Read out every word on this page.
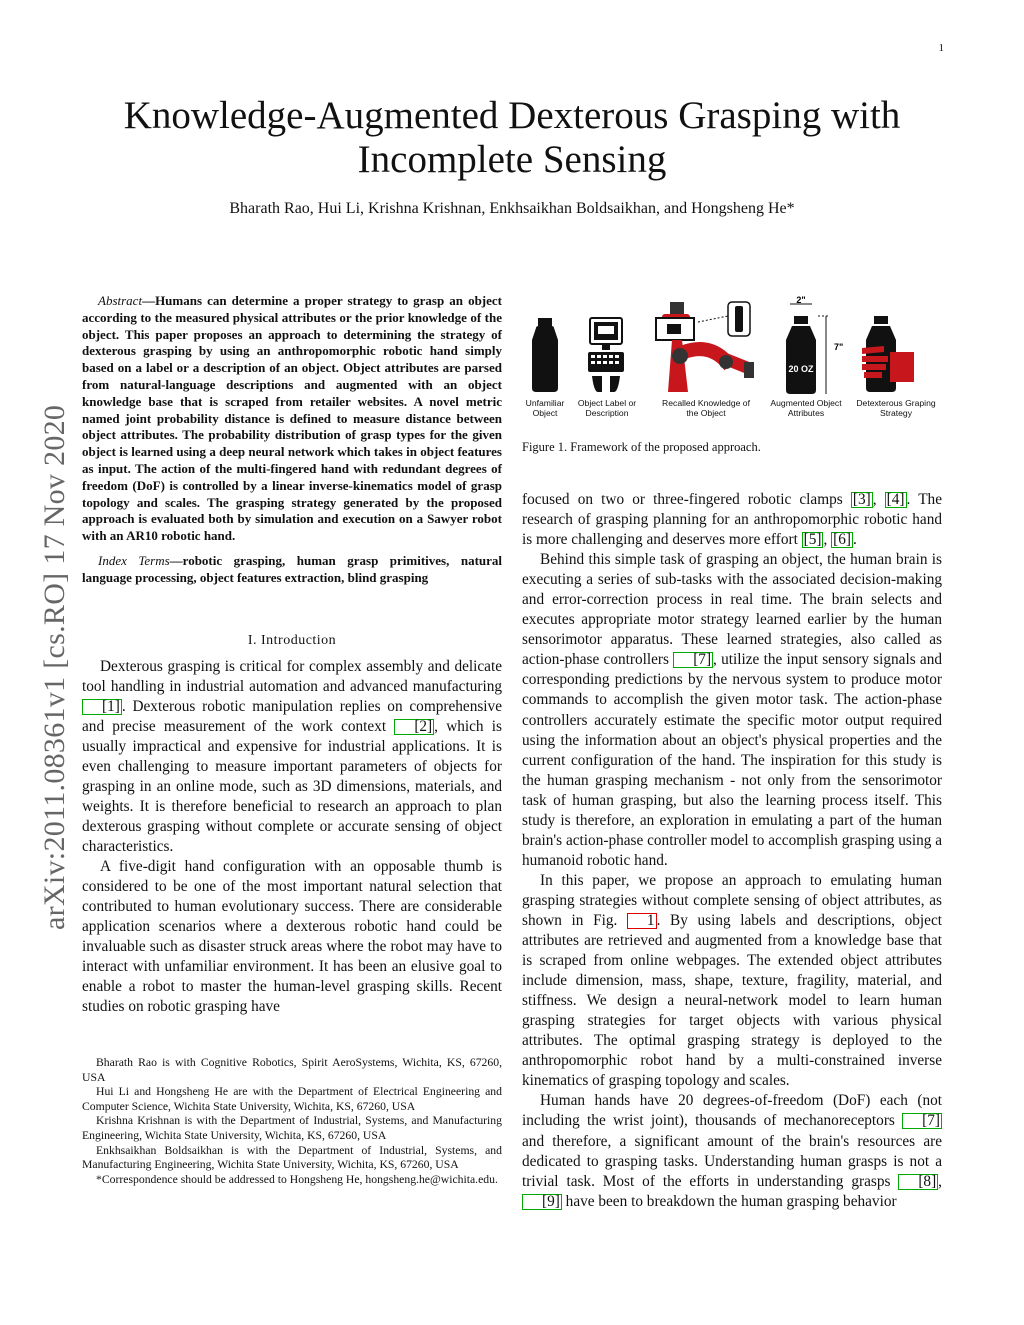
1
Knowledge-Augmented Dexterous Grasping with
Incomplete Sensing
Bharath Rao, Hui Li, Krishna Krishnan, Enkhsaikhan Boldsaikhan, and Hongsheng He*
arXiv:2011.08361v1 [cs.RO] 17 Nov 2020

Abstract—Humans can determine a proper strategy to grasp an object according to the measured physical attributes or the prior knowledge of the object. This paper proposes an approach to determining the strategy of dexterous grasping by using an anthropomorphic robotic hand simply based on a label or a description of an object. Object attributes are parsed from natural-language descriptions and augmented with an object knowledge base that is scraped from retailer websites. A novel metric named joint probability distance is defined to measure distance between object attributes. The probability distribution of grasp types for the given object is learned using a deep neural network which takes in object features as input. The action of the multi-fingered hand with redundant degrees of freedom (DoF) is controlled by a linear inverse-kinematics model of grasp topology and scales. The grasping strategy generated by the proposed approach is evaluated both by simulation and execution on a Sawyer robot with an AR10 robotic hand.

Index Terms—robotic grasping, human grasp primitives, natural language processing, object features extraction, blind grasping
I. Introduction

Dexterous grasping is critical for complex assembly and delicate tool handling in industrial automation and advanced manufacturing [1] . Dexterous robotic manipulation replies on comprehensive and precise measurement of the work context [2] , which is usually impractical and expensive for industrial applications. It is even challenging to measure important parameters of objects for grasping in an online mode, such as 3D dimensions, materials, and weights. It is therefore beneficial to research an approach to plan dexterous grasping without complete or accurate sensing of object characteristics.

A five-digit hand configuration with an opposable thumb is considered to be one of the most important natural selection that contributed to human evolutionary success. There are considerable application scenarios where a dexterous robotic hand could be invaluable such as disaster struck areas where the robot may have to interact with unfamiliar environment. It has been an elusive goal to enable a robot to master the human-level grasping skills. Recent studies on robotic grasping have

Bharath Rao is with Cognitive Robotics, Spirit AeroSystems, Wichita, KS, 67260, USA

Hui Li and Hongsheng He are with the Department of Electrical Engineering and Computer Science, Wichita State University, Wichita, KS, 67260, USA

Krishna Krishnan is with the Department of Industrial, Systems, and Manufacturing Engineering, Wichita State University, Wichita, KS, 67260, USA

Enkhsaikhan Boldsaikhan is with the Department of Industrial, Systems, and Manufacturing Engineering, Wichita State University, Wichita, KS, 67260, USA

*Correspondence should be addressed to Hongsheng He, hongsheng.he@wichita.edu.

20 OZ
2"
7"
Unfamiliar Object
Object Label or Description
Recalled Knowledge of the Object
Augmented Object Attributes
Detexterous Graping Strategy
Figure 1. Framework of the proposed approach.

focused on two or three-fingered robotic clamps [3] , [4] . The research of grasping planning for an anthropomorphic robotic hand is more challenging and deserves more effort [5] , [6] .

Behind this simple task of grasping an object, the human brain is executing a series of sub-tasks with the associated decision-making and error-correction process in real time. The brain selects and executes appropriate motor strategy learned earlier by the human sensorimotor apparatus. These learned strategies, also called as action-phase controllers [7] , utilize the input sensory signals and corresponding predictions by the nervous system to produce motor commands to accomplish the given motor task. The action-phase controllers accurately estimate the specific motor output required using the information about an object's physical properties and the current configuration of the hand. The inspiration for this study is the human grasping mechanism - not only from the sensorimotor task of human grasping, but also the learning process itself. This study is therefore, an exploration in emulating a part of the human brain's action-phase controller model to accomplish grasping using a humanoid robotic hand.

In this paper, we propose an approach to emulating human grasping strategies without complete sensing of object attributes, as shown in Fig. 1 . By using labels and descriptions, object attributes are retrieved and augmented from a knowledge base that is scraped from online webpages. The extended object attributes include dimension, mass, shape, texture, fragility, material, and stiffness. We design a neural-network model to learn human grasping strategies for target objects with various physical attributes. The optimal grasping strategy is deployed to the anthropomorphic robot hand by a multi-constrained inverse kinematics of grasping topology and scales.

Human hands have 20 degrees-of-freedom (DoF) each (not including the wrist joint), thousands of mechanoreceptors [7] and therefore, a significant amount of the brain's resources are dedicated to grasping tasks. Understanding human grasps is not a trivial task. Most of the efforts in understanding grasps [8] , [9] have been to breakdown the human grasping behavior
